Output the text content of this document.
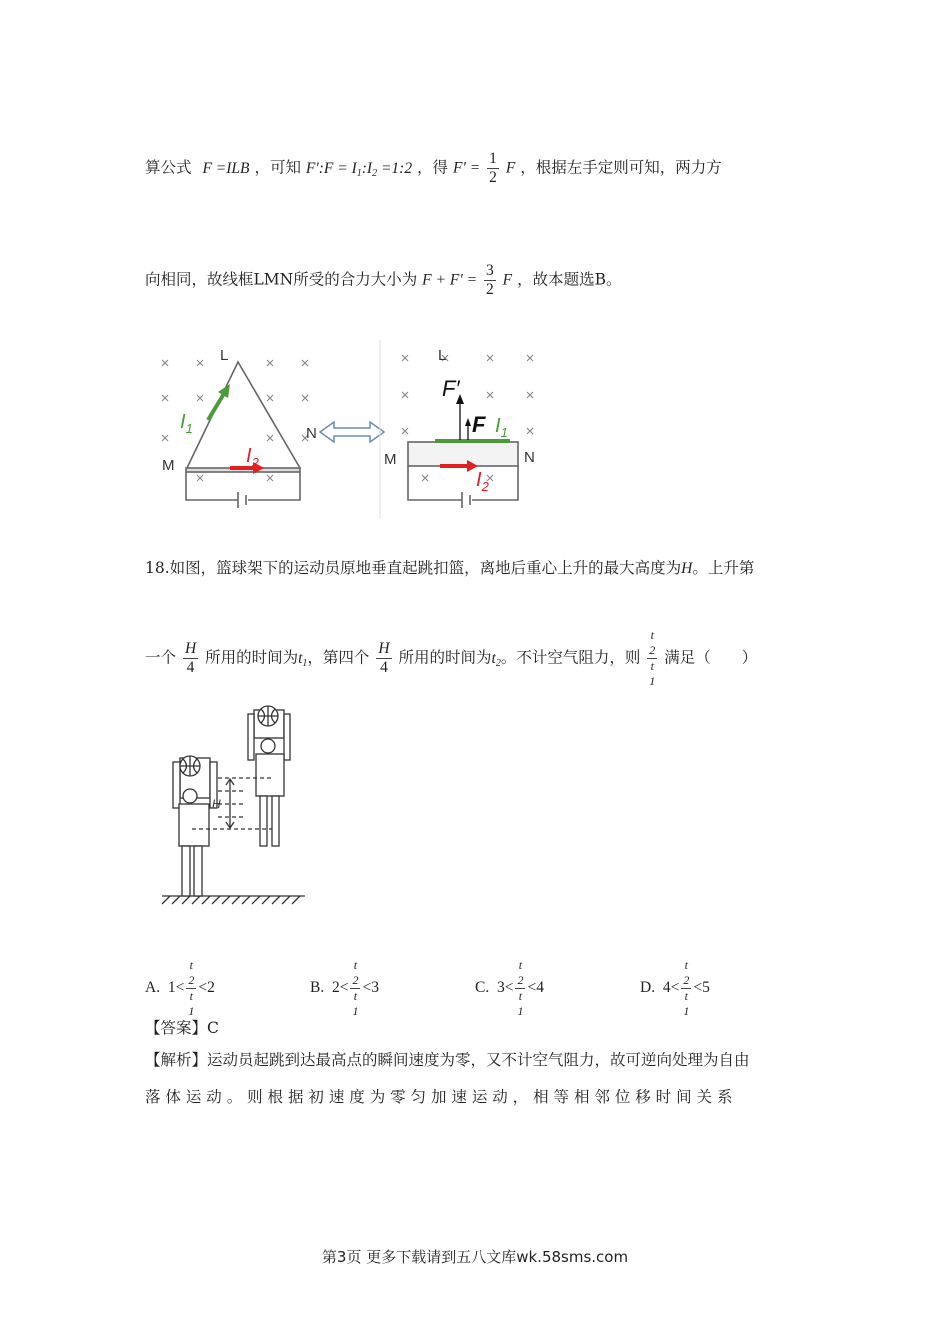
算公式 F =ILB ，可知 F′:F = $I_1:I_2$ =1:2 ，得 $F' = \frac{1}{2}$ F ，根据左手定则可知，两力方
向相同，故线框LMN所受的合力大小为 $F + F' = \frac{3}{2}$ F ，故本题选B。
L
M
N
$I_1$
$I_2$
L
M	N
F′
F $I_1$
$I_2$
18.如图，篮球架下的运动员原地垂直起跳扣篮，离地后重心上升的最大高度为H。上升第
一个 $\frac{H}{4}$ 所用的时间为$t_1$，第四个 $\frac{H}{4}$ 所用的时间为$t_2$。不计空气阻力，则 t
2
t
1 满足（　　）
H
A. 1< t
2
t
1 <2	B. 2< t
2
t
1 <3	C. 3< t
2
t
1 <4	D. 4< t
2
t
1 <5
【答案】C
【解析】运动员起跳到达最高点的瞬间速度为零，又不计空气阻力，故可逆向处理为自由
落 体 运 动 。 则 根 据 初 速 度 为 零 匀 加 速 运 动 ， 相 等 相 邻 位 移 时 间 关 系
第3页 更多下载请到五八文库wk.58sms.com
